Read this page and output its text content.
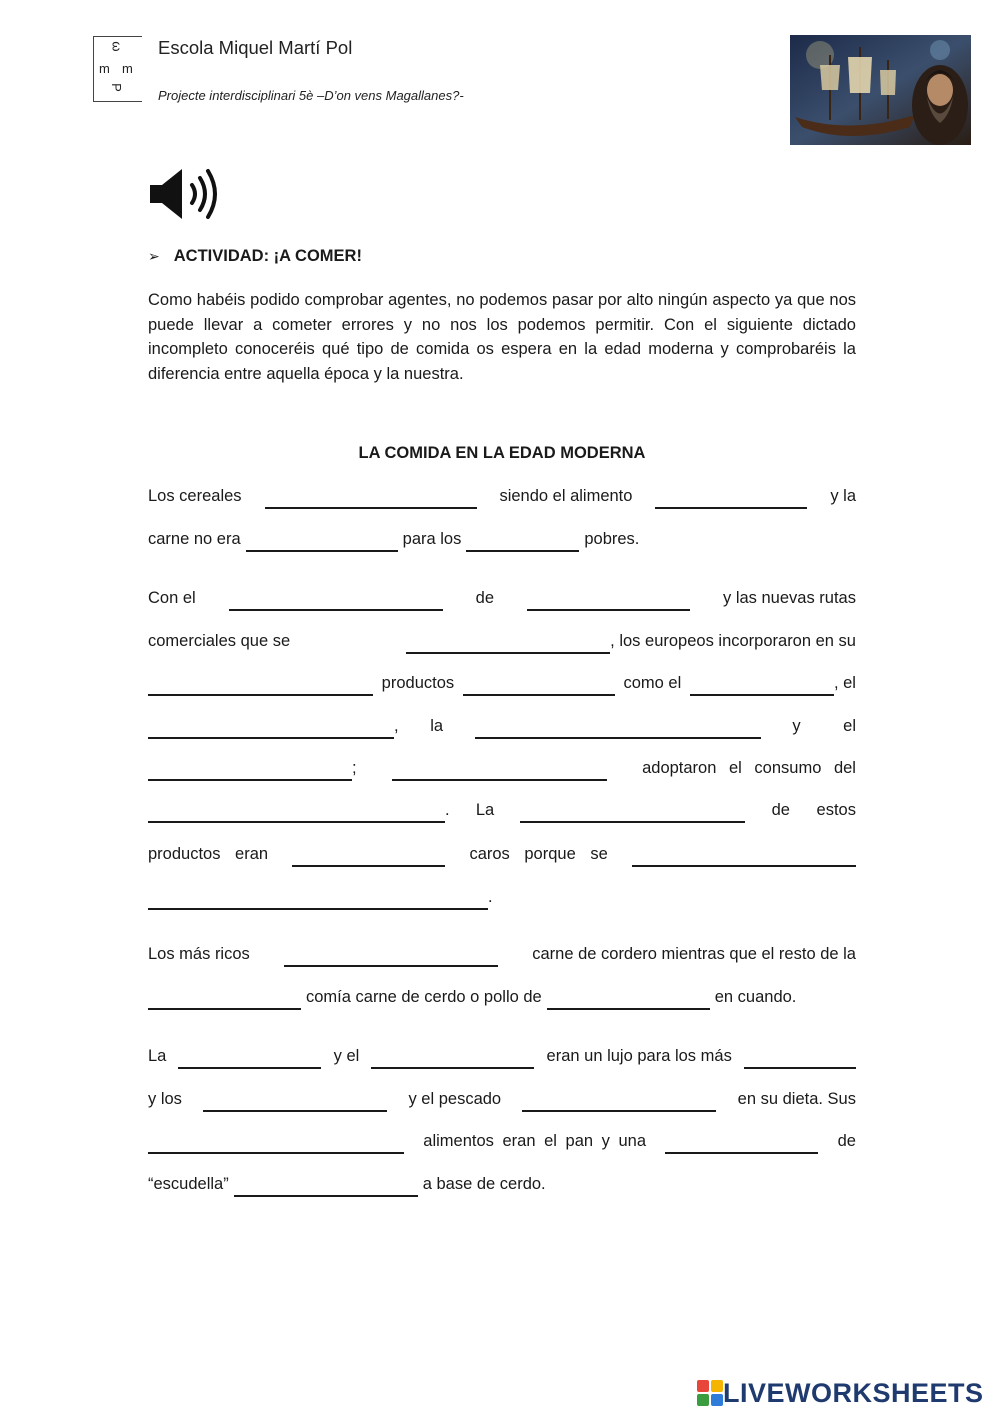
ω
m m
P
Escola Miquel Martí Pol
Projecte interdisciplinari 5è –D’on vens Magallanes?-
➢ ACTIVIDAD: ¡A COMER!
Como habéis podido comprobar agentes, no podemos pasar por alto ningún aspecto ya que nos puede llevar a cometer errores y no nos los podemos permitir. Con el siguiente dictado incompleto conoceréis qué tipo de comida os espera en la edad moderna y comprobaréis la diferencia entre aquella época y la nuestra.
LA COMIDA EN LA EDAD MODERNA
Los cereales	siendo el alimento	y la
carne no era	para los	pobres.
Con el	de	y las nuevas rutas
comerciales que se	, los europeos incorporaron en su
productos	como el	, el
, la	y el
;	adoptaron el consumo del
. La	de estos
productos eran	caros porque se
.
Los más ricos	carne de cordero mientras que el resto de la
comía carne de cerdo o pollo de	en cuando.
La	y el	eran un lujo para los más
y los	y el pescado	en su dieta. Sus
alimentos eran el pan y una	de
“escudella”	a base de cerdo.
LIVEWORKSHEETS
